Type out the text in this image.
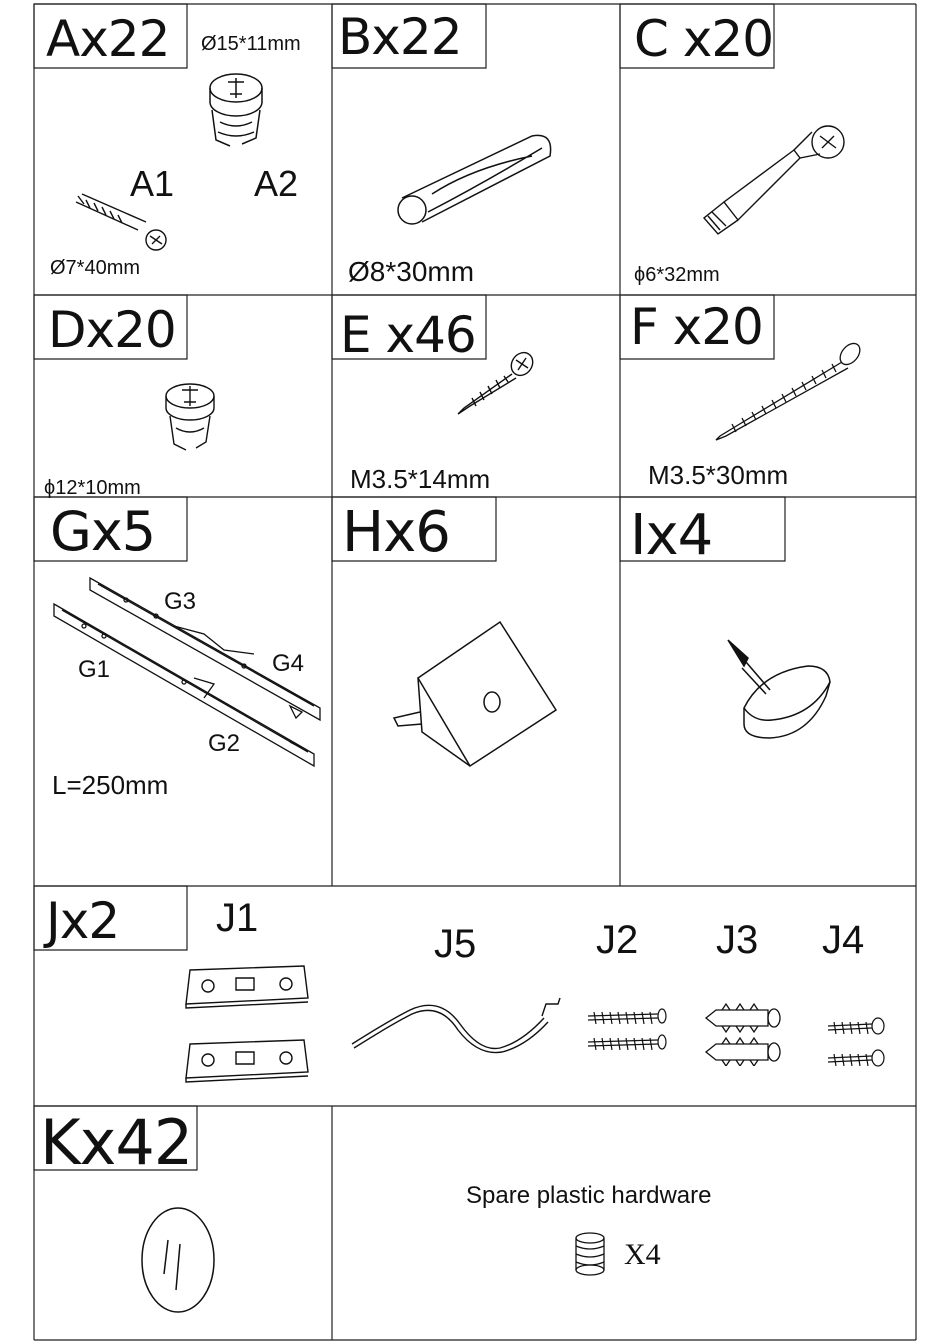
Ax22 Ø15*11mm
A1 A2
Ø7*40mm
Bx22	C x20
ϕ6*32mm
Ø8*30mm
Dx20
ϕ12*10mm
E x46
M3.5*14mm
F x20
M3.5*30mm
Gx5
G3
G4
G1
G2
L=250mm
Hx6	Ix4
Jx2 J1
J5	J2 J3 J4
Kx42
Spare plastic hardware
X4
